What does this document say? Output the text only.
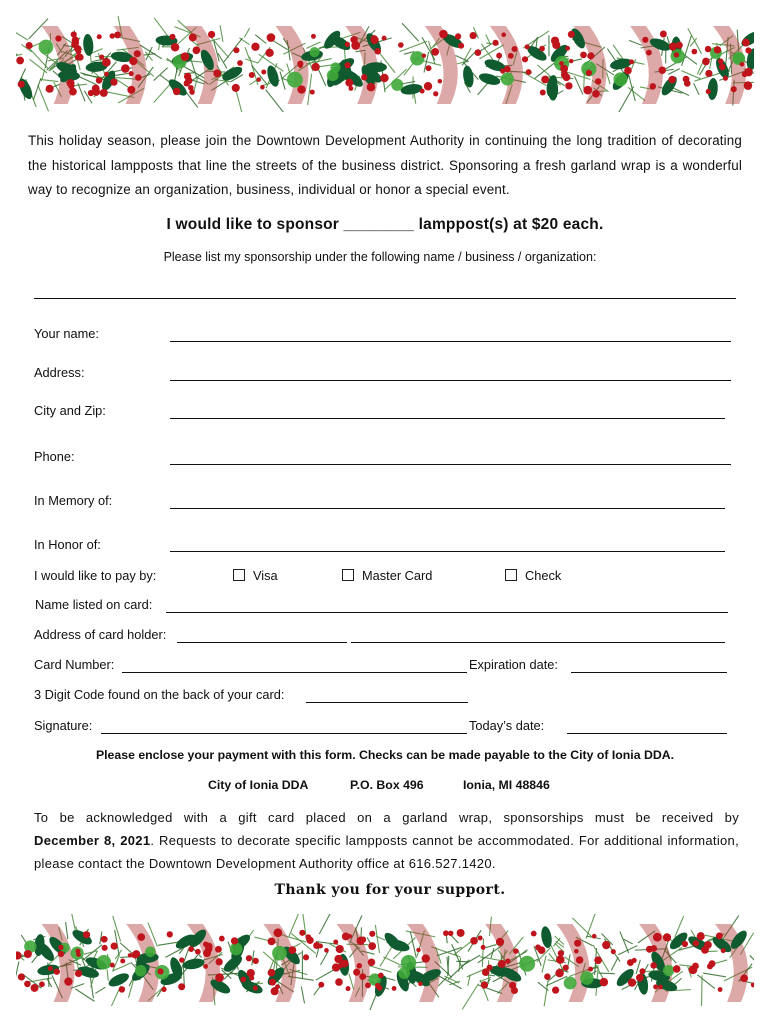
This holiday season, please join the Downtown Development Authority in continuing the long tradition of decorating the historical lampposts that line the streets of the business district. Sponsoring a fresh garland wrap is a wonderful way to recognize an organization, business, individual or honor a special event.
I would like to sponsor ________ lamppost(s) at $20 each.
Please list my sponsorship under the following name / business / organization:
Your name:
Address:
City and Zip:
Phone:
In Memory of:
In Honor of:
I would like to pay by:	Visa	Master Card	Check
Name listed on card:
Address of card holder:
Card Number:	Expiration date:
3 Digit Code found on the back of your card:
Signature:	Today’s date:
Please enclose your payment with this form. Checks can be made payable to the City of Ionia DDA.
City of Ionia DDA	P.O. Box 496	Ionia, MI 48846
To be acknowledged with a gift card placed on a garland wrap, sponsorships must be received by
December 8, 2021. Requests to decorate specific lampposts cannot be accommodated. For additional information, please contact the Downtown Development Authority office at 616.527.1420.
Thank you for your support.
